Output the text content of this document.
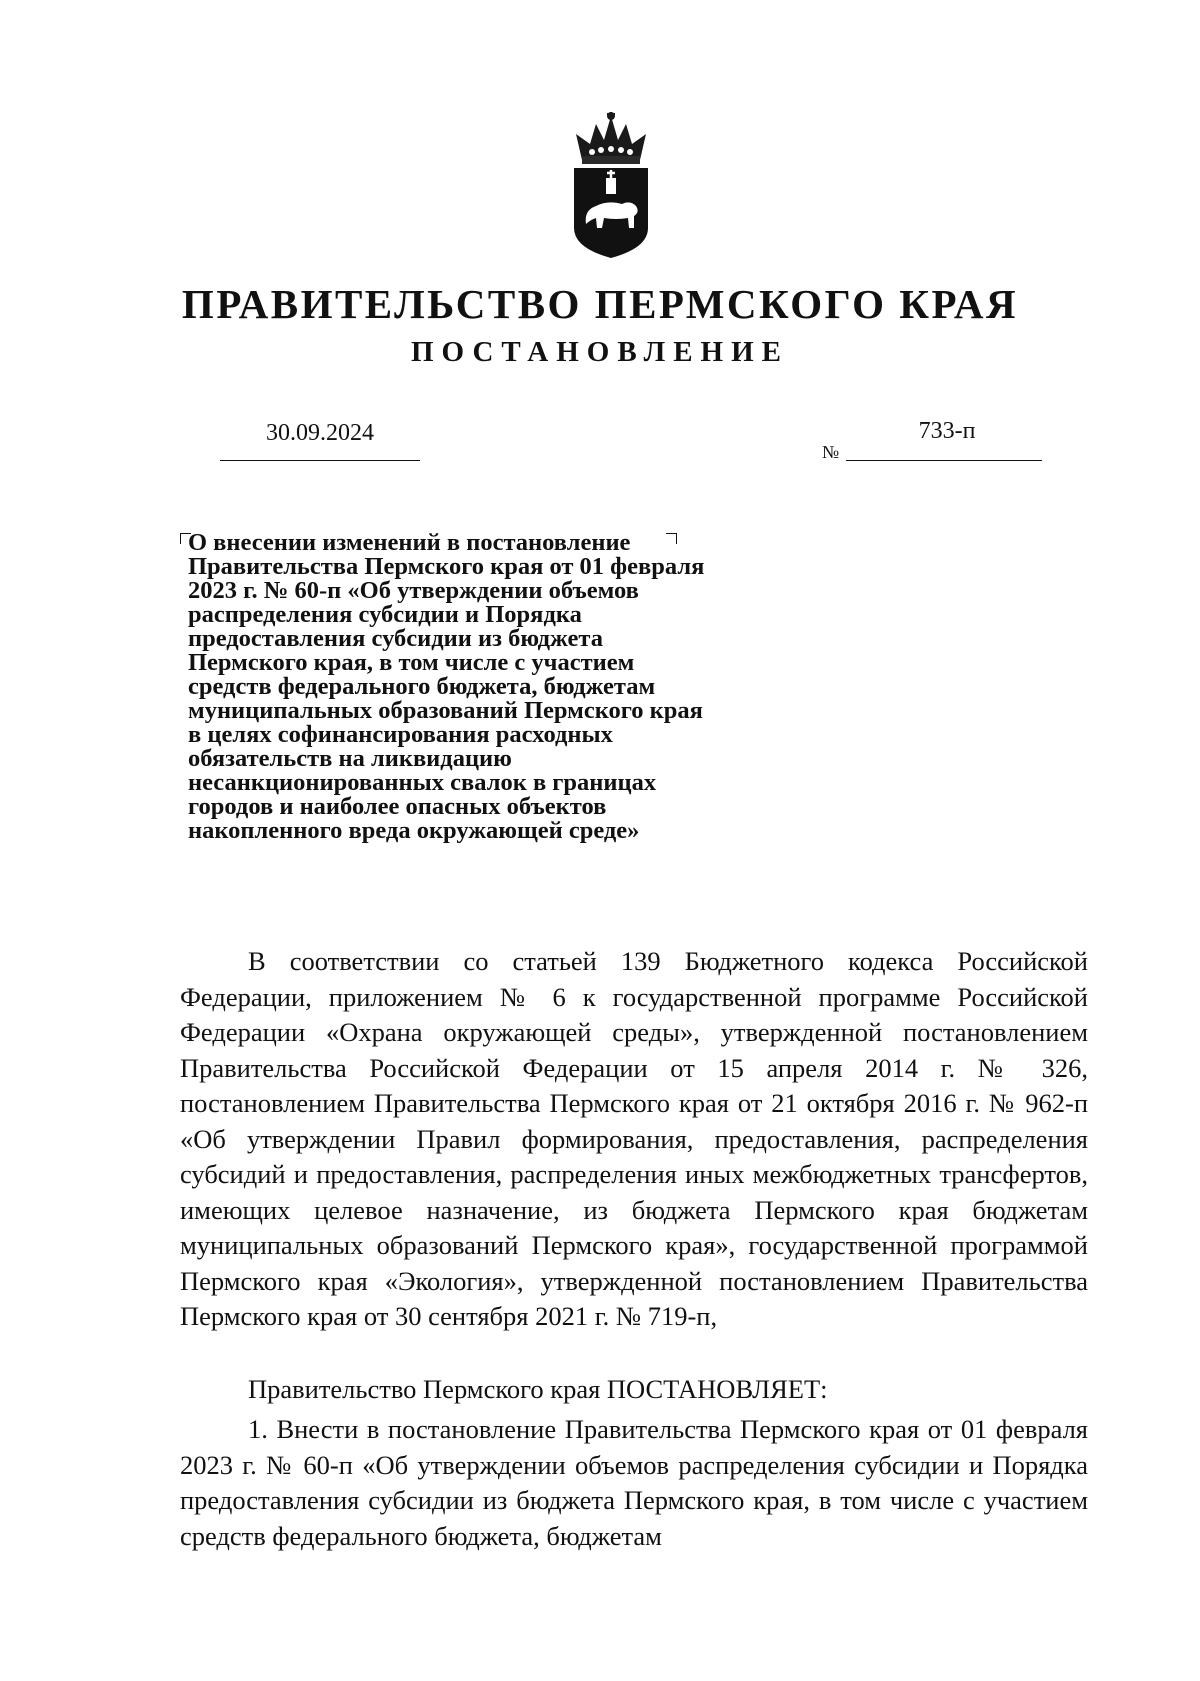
ПРАВИТЕЛЬСТВО ПЕРМСКОГО КРАЯ
ПОСТАНОВЛЕНИЕ
30.09.2024
№
733-п

О внесении изменений в постановление
Правительства Пермского края от 01 февраля
2023 г. № 60-п «Об утверждении объемов
распределения субсидии и Порядка
предоставления субсидии из бюджета
Пермского края, в том числе с участием
средств федерального бюджета, бюджетам
муниципальных образований Пермского края
в целях софинансирования расходных
обязательств на ликвидацию
несанкционированных свалок в границах
городов и наиболее опасных объектов
накопленного вреда окружающей среде»

В соответствии со статьей 139 Бюджетного кодекса Российской Федерации, приложением № 6 к государственной программе Российской Федерации «Охрана окружающей среды», утвержденной постановлением Правительства Российской Федерации от 15 апреля 2014 г. № 326, постановлением Правительства Пермского края от 21 октября 2016 г. № 962-п «Об утверждении Правил формирования, предоставления, распределения субсидий и предоставления, распределения иных межбюджетных трансфертов, имеющих целевое назначение, из бюджета Пермского края бюджетам муниципальных образований Пермского края», государственной программой Пермского края «Экология», утвержденной постановлением Правительства Пермского края от 30 сентября 2021 г. № 719-п,

Правительство Пермского края ПОСТАНОВЛЯЕТ:

1. Внести в постановление Правительства Пермского края от 01 февраля 2023 г. № 60-п «Об утверждении объемов распределения субсидии и Порядка предоставления субсидии из бюджета Пермского края, в том числе с участием средств федерального бюджета, бюджетам
